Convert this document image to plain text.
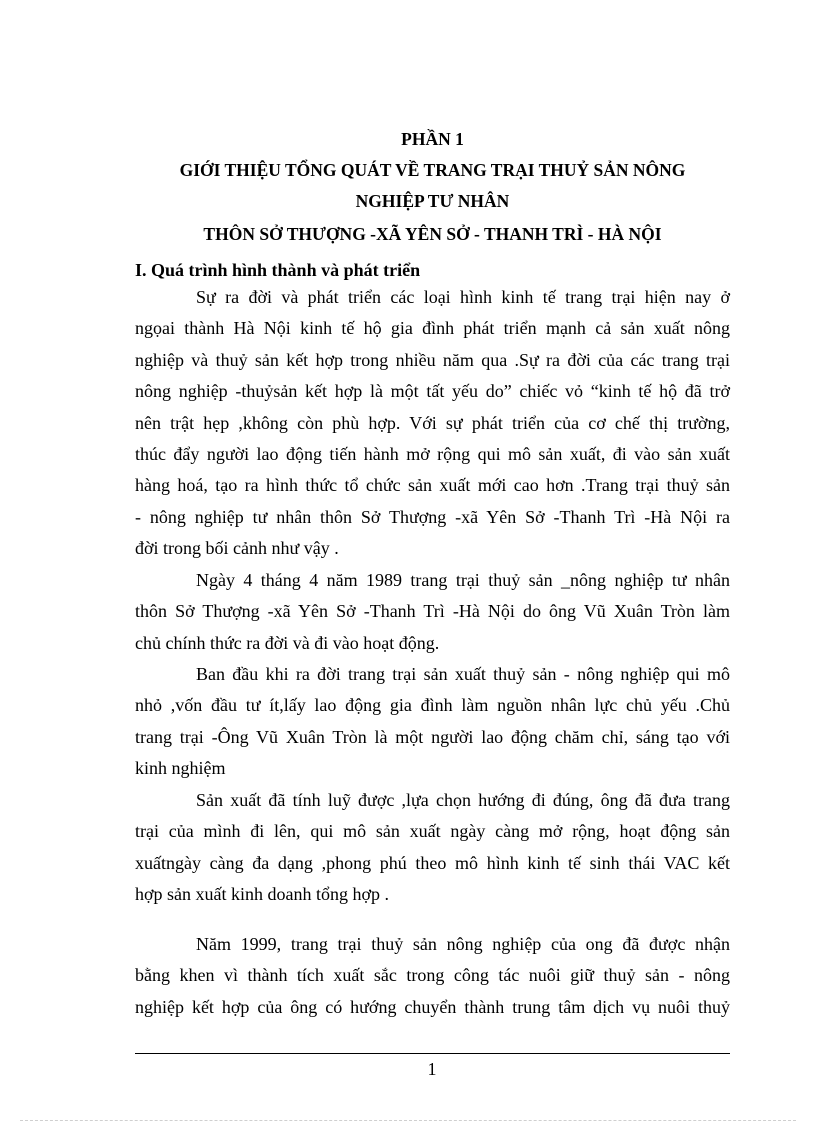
PHẦN 1
GIỚI THIỆU TỔNG QUÁT VỀ TRANG TRẠI THUỶ SẢN NÔNG
NGHIỆP TƯ NHÂN
THÔN SỞ THƯỢNG -XÃ YÊN SỞ - THANH TRÌ - HÀ NỘI
I. Quá trình hình thành và phát triển
Sự ra đời và phát triển các loại hình kinh tế trang trại hiện nay ở
ngọai thành Hà Nội kinh tế hộ gia đình phát triển mạnh cả sản xuất nông
nghiệp và thuỷ sản kết hợp trong nhiều năm qua .Sự ra đời của các trang trại
nông nghiệp -thuỷsản kết hợp là một tất yếu do” chiếc vỏ “kinh tế hộ đã trở
nên trật hẹp ,không còn phù hợp. Với sự phát triển của cơ chế thị trường,
thúc đẩy người lao động tiến hành mở rộng qui mô sản xuất, đi vào sản xuất
hàng hoá, tạo ra hình thức tổ chức sản xuất mới cao hơn .Trang trại thuỷ sản
- nông nghiệp tư nhân thôn Sở Thượng -xã Yên Sở -Thanh Trì -Hà Nội ra
đời trong bối cảnh như vậy .
Ngày 4 tháng 4 năm 1989 trang trại thuỷ sản _nông nghiệp tư nhân
thôn Sở Thượng -xã Yên Sở -Thanh Trì -Hà Nội do ông Vũ Xuân Tròn làm
chủ chính thức ra đời và đi vào hoạt động.
Ban đầu khi ra đời trang trại sản xuất thuỷ sản - nông nghiệp qui mô
nhỏ ,vốn đầu tư ít,lấy lao động gia đình làm nguồn nhân lực chủ yếu .Chủ
trang trại -Ông Vũ Xuân Tròn là một người lao động chăm chỉ, sáng tạo với
kinh nghiệm
Sản xuất đã tính luỹ được ,lựa chọn hướng đi đúng, ông đã đưa trang
trại của mình đi lên, qui mô sản xuất ngày càng mở rộng, hoạt động sản
xuấtngày càng đa dạng ,phong phú theo mô hình kinh tế sinh thái VAC kết
hợp sản xuất kinh doanh tổng hợp .
Năm 1999, trang trại thuỷ sản nông nghiệp của ong đã được nhận
bằng khen vì thành tích xuất sắc trong công tác nuôi giữ thuỷ sản - nông
nghiệp kết hợp của ông có hướng chuyển thành trung tâm dịch vụ nuôi thuỷ
1
